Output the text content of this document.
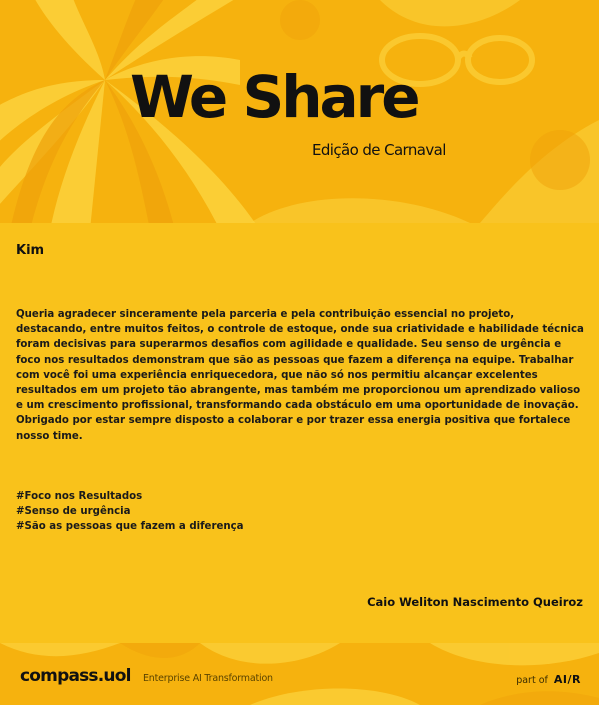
We Share
Edição de Carnaval
Kim

Queria agradecer sinceramente pela parceria e pela contribuição essencial no projeto, destacando, entre muitos feitos, o controle de estoque, onde sua criatividade e habilidade técnica foram decisivas para superarmos desafios com agilidade e qualidade. Seu senso de urgência e foco nos resultados demonstram que são as pessoas que fazem a diferença na equipe. Trabalhar com você foi uma experiência enriquecedora, que não só nos permitiu alcançar excelentes resultados em um projeto tão abrangente, mas também me proporcionou um aprendizado valioso e um crescimento profissional, transformando cada obstáculo em uma oportunidade de inovação. Obrigado por estar sempre disposto a colaborar e por trazer essa energia positiva que fortalece nosso time.

#Foco nos Resultados
#Senso de urgência
#São as pessoas que fazem a diferença
Caio Weliton Nascimento Queiroz
compass.uol Enterprise AI Transformation	part of AI/R
